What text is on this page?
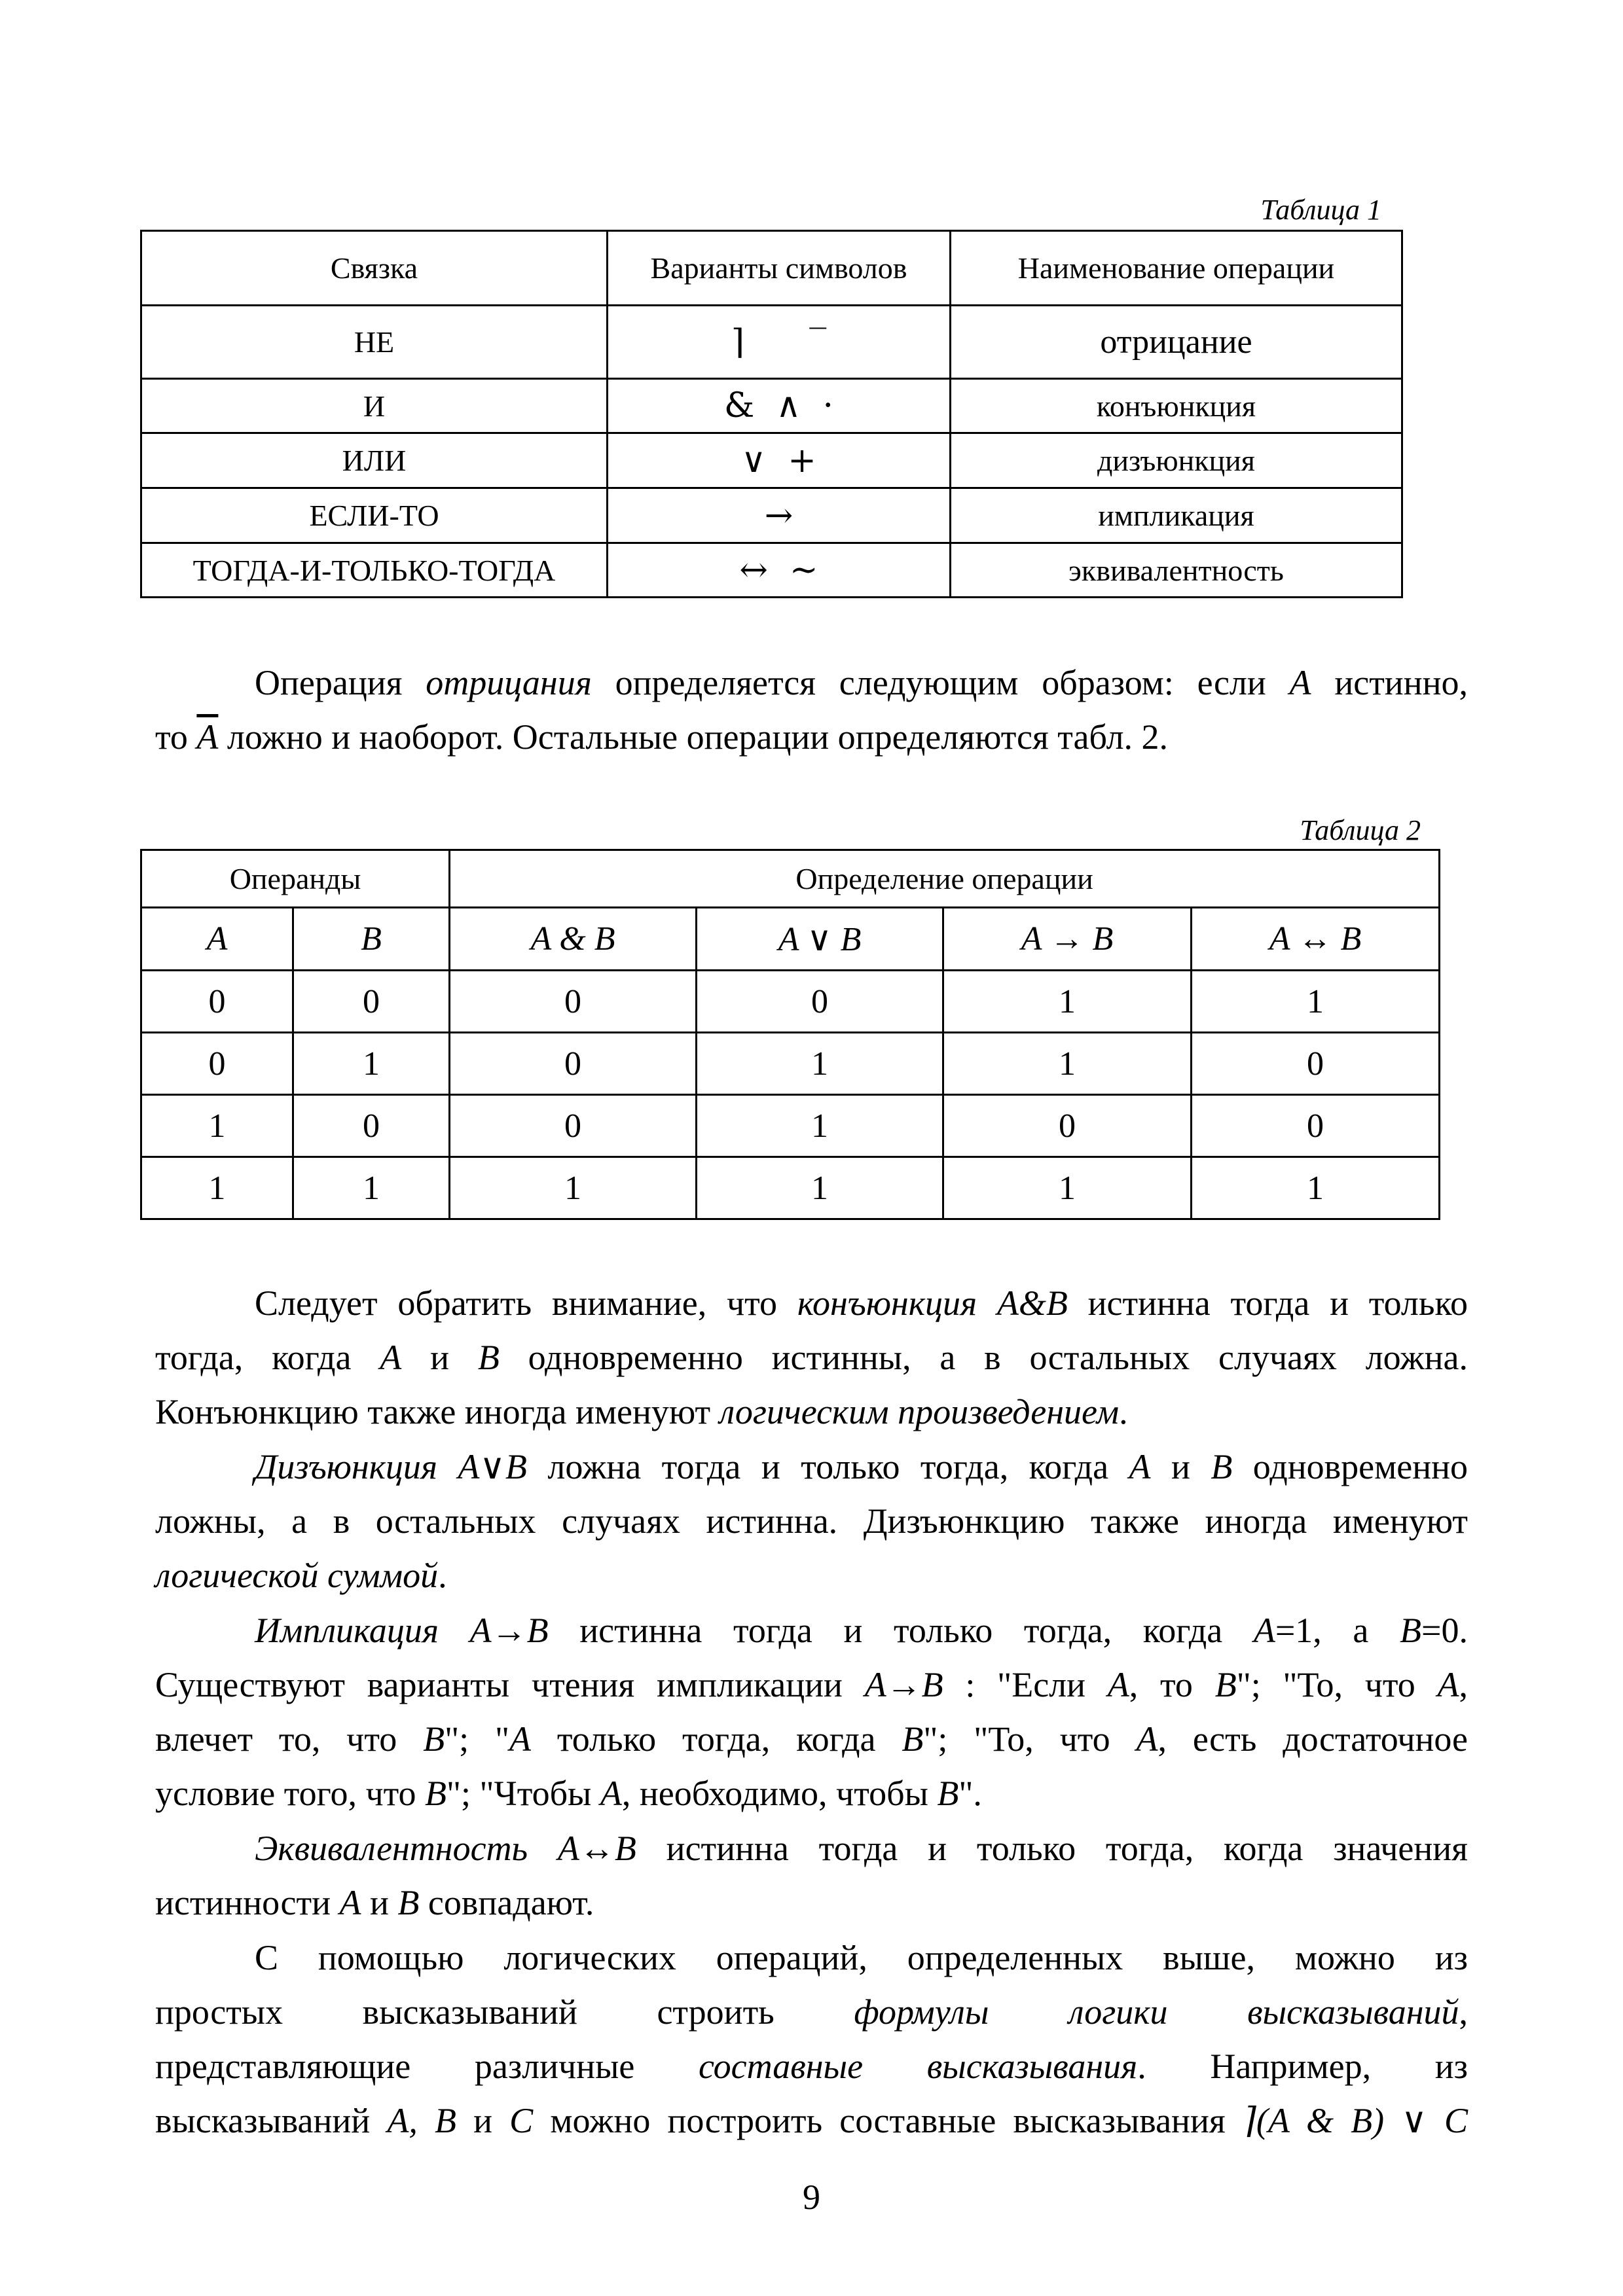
Таблица 1
Связка	Варианты символов	Наименование операции
НЕ	⌉      ‾	отрицание
И	&  ∧  ·	конъюнкция
ИЛИ	∨  +	дизъюнкция
ЕСЛИ-ТО	→	импликация
ТОГДА-И-ТОЛЬКО-ТОГДА	↔  ~	эквивалентность
Операция отрицания определяется следующим образом: если A истинно,
то $\overline{A}$ ложно и наоборот. Остальные операции определяются табл. 2.
Таблица 2
Операнды		Определение операции			
A	B	A & B	A ∨ B	A → B	A ↔ B
0	0	0	0	1	1
0	1	0	1	1	0
1	0	0	1	0	0
1	1	1	1	1	1
Следует обратить внимание, что конъюнкция A&B истинна тогда и только
тогда, когда A и B одновременно истинны, а в остальных случаях ложна.
Конъюнкцию также иногда именуют логическим произведением.
Дизъюнкция A∨B ложна тогда и только тогда, когда A и B одновременно
ложны, а в остальных случаях истинна. Дизъюнкцию также иногда именуют
логической суммой.
Импликация A→B истинна тогда и только тогда, когда A=1, а B=0.
Существуют варианты чтения импликации A→B : "Если A, то B"; "То, что A,
влечет то, что B"; "A только тогда, когда B"; "То, что A, есть достаточное
условие того, что B"; "Чтобы A, необходимо, чтобы B".
Эквивалентность A↔B истинна тогда и только тогда, когда значения
истинности A и B совпадают.
С помощью логических операций, определенных выше, можно из
простых высказываний строить формулы логики высказываний,
представляющие различные составные высказывания. Например, из
высказываний A, B и C можно построить составные высказывания ⌉(A & B) ∨ C
9
